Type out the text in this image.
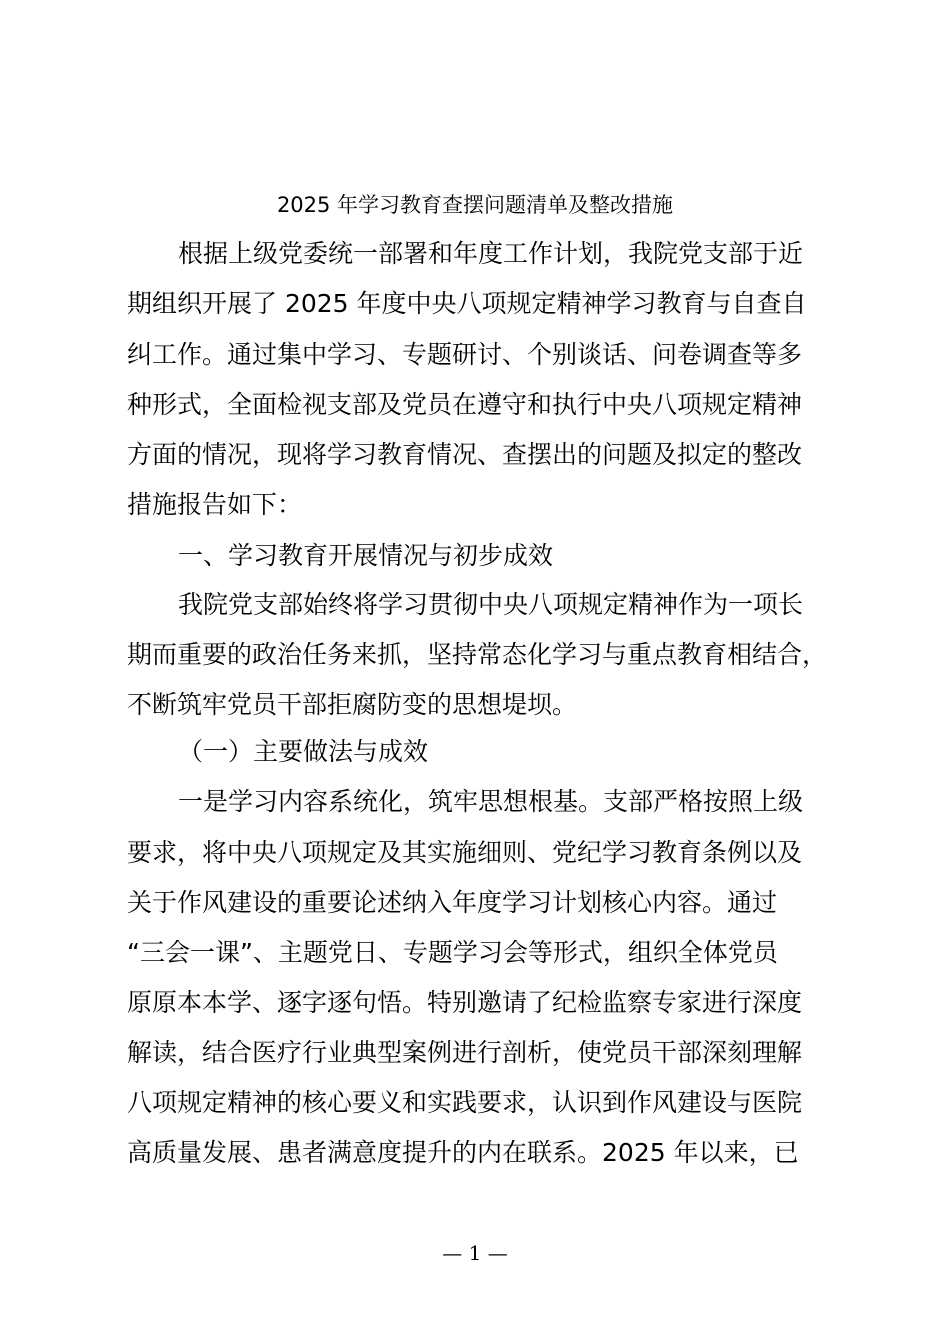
2025 年学习教育查摆问题清单及整改措施
根据上级党委统一部署和年度工作计划，我院党支部于近
期组织开展了 2025 年度中央八项规定精神学习教育与自查自
纠工作。通过集中学习、专题研讨、个别谈话、问卷调查等多
种形式，全面检视支部及党员在遵守和执行中央八项规定精神
方面的情况，现将学习教育情况、查摆出的问题及拟定的整改
措施报告如下：
一、学习教育开展情况与初步成效
我院党支部始终将学习贯彻中央八项规定精神作为一项长
期而重要的政治任务来抓，坚持常态化学习与重点教育相结合，
不断筑牢党员干部拒腐防变的思想堤坝。
（一）主要做法与成效
一是学习内容系统化，筑牢思想根基。支部严格按照上级
要求，将中央八项规定及其实施细则、党纪学习教育条例以及
关于作风建设的重要论述纳入年度学习计划核心内容。通过
“三会一课”、主题党日、专题学习会等形式，组织全体党员
原原本本学、逐字逐句悟。特别邀请了纪检监察专家进行深度
解读，结合医疗行业典型案例进行剖析，使党员干部深刻理解
八项规定精神的核心要义和实践要求，认识到作风建设与医院
高质量发展、患者满意度提升的内在联系。2025 年以来，已
— 1 —
